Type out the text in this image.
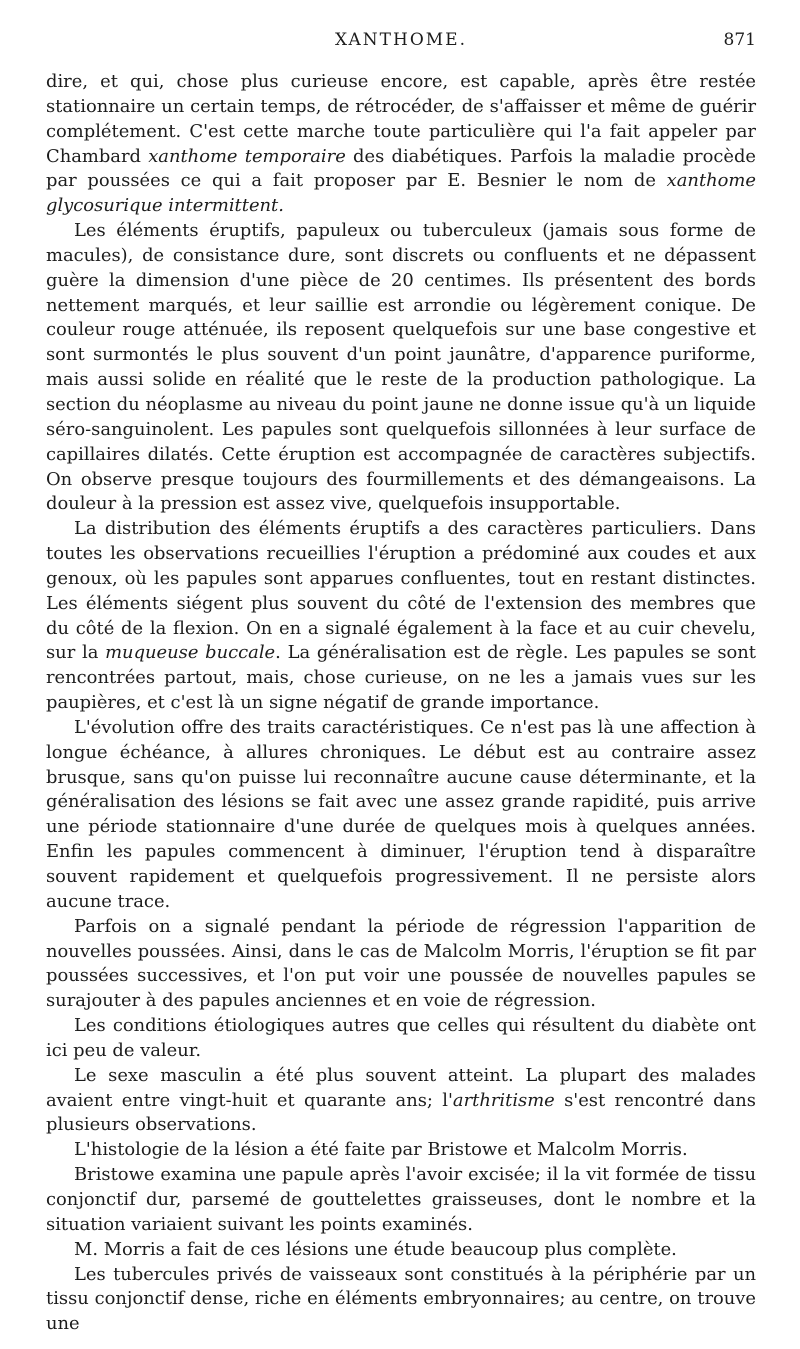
XANTHOME.	871

dire, et qui, chose plus curieuse encore, est capable, après être restée stationnaire un certain temps, de rétrocéder, de s'affaisser et même de guérir complétement. C'est cette marche toute particulière qui l'a fait appeler par Chambard xanthome temporaire des diabétiques. Parfois la maladie procède par poussées ce qui a fait proposer par E. Besnier le nom de xanthome glycosurique intermittent.

Les éléments éruptifs, papuleux ou tuberculeux (jamais sous forme de macules), de consistance dure, sont discrets ou confluents et ne dépassent guère la dimension d'une pièce de 20 centimes. Ils présentent des bords nettement marqués, et leur saillie est arrondie ou légèrement conique. De couleur rouge atténuée, ils reposent quelquefois sur une base congestive et sont surmontés le plus souvent d'un point jaunâtre, d'apparence puriforme, mais aussi solide en réalité que le reste de la production pathologique. La section du néoplasme au niveau du point jaune ne donne issue qu'à un liquide séro-sanguinolent. Les papules sont quelquefois sillonnées à leur surface de capillaires dilatés. Cette éruption est accompagnée de caractères subjectifs. On observe presque toujours des fourmillements et des démangeaisons. La douleur à la pression est assez vive, quelquefois insupportable.

La distribution des éléments éruptifs a des caractères particuliers. Dans toutes les observations recueillies l'éruption a prédominé aux coudes et aux genoux, où les papules sont apparues confluentes, tout en restant distinctes. Les éléments siégent plus souvent du côté de l'extension des membres que du côté de la flexion. On en a signalé également à la face et au cuir chevelu, sur la muqueuse buccale. La généralisation est de règle. Les papules se sont rencontrées partout, mais, chose curieuse, on ne les a jamais vues sur les paupières, et c'est là un signe négatif de grande importance.

L'évolution offre des traits caractéristiques. Ce n'est pas là une affection à longue échéance, à allures chroniques. Le début est au contraire assez brusque, sans qu'on puisse lui reconnaître aucune cause déterminante, et la généralisation des lésions se fait avec une assez grande rapidité, puis arrive une période stationnaire d'une durée de quelques mois à quelques années. Enfin les papules commencent à diminuer, l'éruption tend à disparaître souvent rapidement et quelquefois progressivement. Il ne persiste alors aucune trace.

Parfois on a signalé pendant la période de régression l'apparition de nouvelles poussées. Ainsi, dans le cas de Malcolm Morris, l'éruption se fit par poussées successives, et l'on put voir une poussée de nouvelles papules se surajouter à des papules anciennes et en voie de régression.

Les conditions étiologiques autres que celles qui résultent du diabète ont ici peu de valeur.

Le sexe masculin a été plus souvent atteint. La plupart des malades avaient entre vingt-huit et quarante ans; l'arthritisme s'est rencontré dans plusieurs observations.

L'histologie de la lésion a été faite par Bristowe et Malcolm Morris.

Bristowe examina une papule après l'avoir excisée; il la vit formée de tissu conjonctif dur, parsemé de gouttelettes graisseuses, dont le nombre et la situation variaient suivant les points examinés.

M. Morris a fait de ces lésions une étude beaucoup plus complète.

Les tubercules privés de vaisseaux sont constitués à la périphérie par un tissu conjonctif dense, riche en éléments embryonnaires; au centre, on trouve une
